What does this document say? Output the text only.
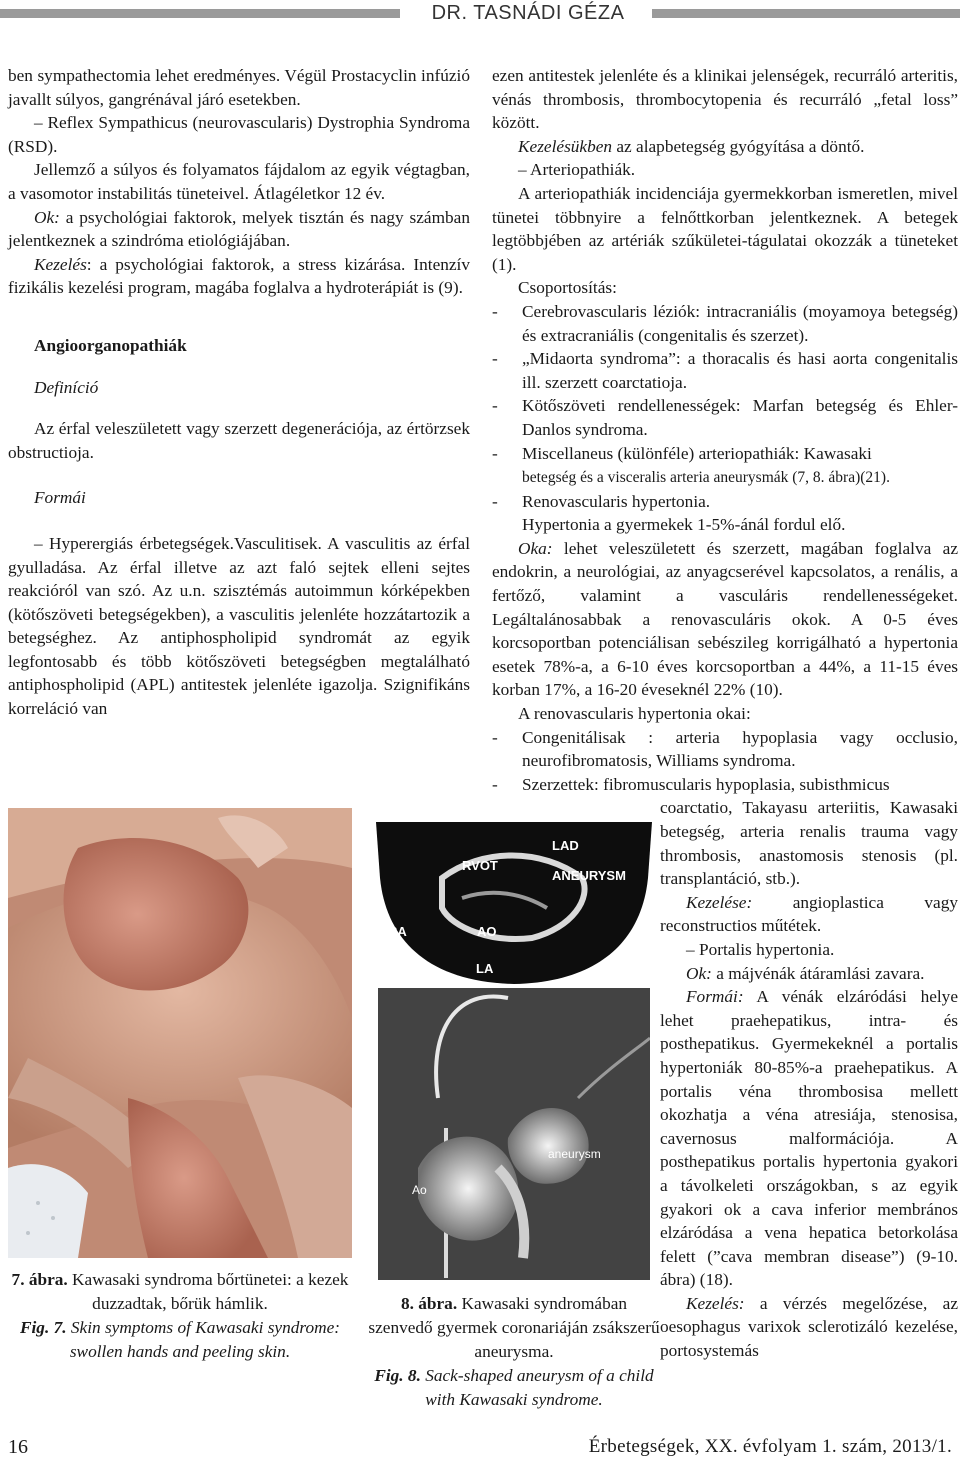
DR. TASNÁDI GÉZA

ben sympathectomia lehet eredményes. Végül Prostacyclin infúzió javallt súlyos, gangrénával járó esetekben.

– Reflex Sympathicus (neurovascularis) Dystrophia Syndroma (RSD).

Jellemző a súlyos és folyamatos fájdalom az egyik végtagban, a vasomotor instabilitás tüneteivel. Átlagéletkor 12 év.

Ok: a psychológiai faktorok, melyek tisztán és nagy számban jelentkeznek a szindróma etiológiájában.

Kezelés: a psychológiai faktorok, a stress kizárása. Intenzív fizikális kezelési program, magába foglalva a hydroterápiát is (9).

Angioorganopathiák

Definíció

Az érfal veleszületett vagy szerzett degenerációja, az értörzsek obstructioja.

Formái

– Hyperergiás érbetegségek.Vasculitisek. A vasculitis az érfal gyulladása. Az érfal illetve az azt faló sejtek elleni sejtes reakcióról van szó. Az u.n. szisztémás autoimmun kórképekben (kötőszöveti betegségekben), a vasculitis jelenléte hozzátartozik a betegséghez. Az antiphospholipid syndromát az egyik legfontosabb és több kötőszöveti betegségben megtalálható antiphospholipid (APL) antitestek jelenléte igazolja. Szignifikáns korreláció van

ezen antitestek jelenléte és a klinikai jelenségek, recurráló arteritis, vénás thrombosis, thrombocytopenia és recurráló „fetal loss” között.

Kezelésükben az alapbetegség gyógyítása a döntő.

– Arteriopathiák.

A arteriopathiák incidenciája gyermekkorban ismeretlen, mivel tünetei többnyire a felnőttkorban jelentkeznek. A betegek legtöbbjében az artériák szűkületei-tágulatai okozzák a tüneteket (1).

Csoportosítás:

-	Cerebrovascularis léziók: intracraniális (moyamoya betegség) és extracraniális (congenitalis és szerzet).
-	„Midaorta syndroma”: a thoracalis és hasi aorta congenitalis ill. szerzett coarctatioja.
-	Kötőszöveti rendellenességek: Marfan betegség és Ehler-Danlos syndroma.
-	Miscellaneus (különféle) arteriopathiák: Kawasaki
betegség és a visceralis arteria aneurysmák (7, 8. ábra)(21).
-	Renovascularis hypertonia.
Hypertonia a gyermekek 1-5%-ánál fordul elő.

Oka: lehet veleszületett és szerzett, magában foglalva az endokrin, a neurológiai, az anyagcserével kapcsolatos, a renális, a fertőző, valamint a vasculáris rendellenességeket. Legáltalánosabbak a renovasculáris okok. A 0-5 éves korcsoportban potenciálisan sebészileg korrigálható a hypertonia esetek 78%-a, a 6-10 éves korcsoportban a 44%, a 11-15 éves korban 17%, a 16-20 éveseknél 22% (10).

A renovascularis hypertonia okai:

-	Congenitálisak : arteria hypoplasia vagy occlusio, neurofibromatosis, Williams syndroma.
-	Szerzettek: fibromuscularis hypoplasia, subisthmicus

coarctatio, Takayasu arteriitis, Kawasaki betegség, arteria renalis trauma vagy thrombosis, anastomosis stenosis (pl. transplantáció, stb.).

Kezelése: angioplastica vagy reconstructios műtétek.

– Portalis hypertonia.

Ok: a májvénák átáramlási zavara.

Formái: A vénák elzáródási helye lehet praehepatikus, intra- és posthepatikus. Gyermekeknél a portalis hypertoniák 80-85%-a praehepatikus. A portalis véna thrombosisa mellett okozhatja a véna atresiája, stenosisa, cavernosus malformációja. A posthepatikus portalis hypertonia gyakori a távolkeleti országokban, s az egyik gyakori ok a cava inferior membrános elzáródása a vena hepatica betorkolása felett (”cava membran disease”) (9-10. ábra) (18).

Kezelés: a vérzés megelőzése, az oesophagus varixok sclerotizáló kezelése, portosystemás

RVOT
LAD
ANEURYSM
RA	AO
LA
Ao
aneurysm

7. ábra. Kawasaki syndroma bőrtünetei: a kezek duzzadtak, bőrük hámlik.

Fig. 7. Skin symptoms of Kawasaki syndrome: swollen hands and peeling skin.

8. ábra. Kawasaki syndromában szenvedő gyermek coronariáján zsákszerű aneurysma.

Fig. 8. Sack-shaped aneurysm of a child with Kawasaki syndrome.

16	Érbetegségek, XX. évfolyam 1. szám, 2013/1.
